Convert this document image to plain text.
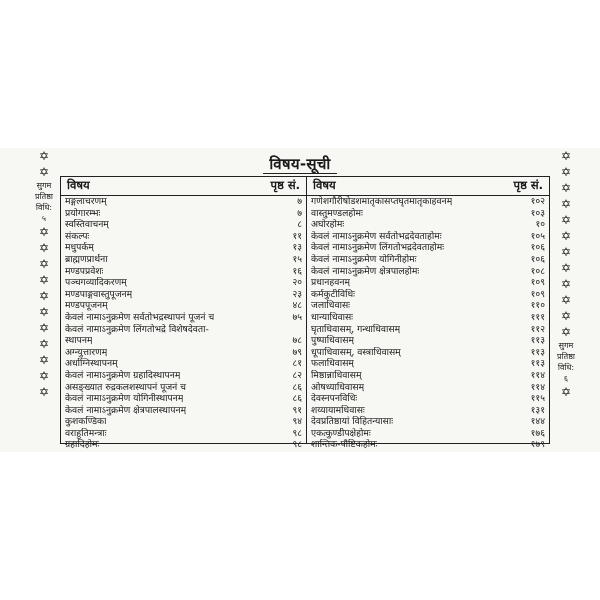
✡
✡
सुगम
प्रतिष्ठा
विधि:
५
✡
✡
✡
✡
✡
✡
✡
✡
✡
✡
✡
✡
✡
✡
✡
✡
✡
✡
✡
✡
✡
✡
✡
सुगम
प्रतिष्ठा
विधि:
६
✡
विषय-सूची
विषय	पृष्ठ सं.
मङ्गलाचरणम्	७
प्रयोगारम्भः	७
स्वस्तिवाचनम्	८
संकल्पः	११
मधुपर्कम्	१३
ब्राह्मणप्रार्थना	१५
मण्डपप्रवेशः	१६
पञ्चगव्यादिकरणम्	२०
मण्डपाङ्गवास्तुपूजनम्	२३
मण्डपपूजनम्	४८
केवलं नामाऽनुक्रमेण सर्वतोभद्रस्थापनं पूजनं च	७५
केवलं नामाऽनुक्रमेण लिंगतोभद्रे विशेषदेवता-
स्थापनम्	७८
अग्न्युत्तारणम्	७९
अर्धाग्निस्थापनम्	८१
केवलं नामाऽनुक्रमेण ग्रहादिस्थापनम्	८२
असङ्ख्यात रुद्रकलशस्थापनं पूजनं च	८६
केवलं नामाऽनुक्रमेण योगिनीस्थापनम्	८६
केवलं नामाऽनुक्रमेण क्षेत्रपालस्थापनम्	९१
कुशकण्डिका	९४
वराहुतिमन्त्राः	९८
ग्रहादिहोमः	९८
विषय	पृष्ठ सं.
गणेशगौरीषोडशमातृकासप्तघृतमातृकाहवनम्	१०२
वास्तुमण्डलहोमः	१०३
अघोरहोमः	१०
केवलं नामाऽनुक्रमेण सर्वतोभद्रदेवताहोमः	१०५
केवलं नामाऽनुक्रमेण लिंगतोभद्रदेवताहोमः	१०६
केवलं नामाऽनुक्रमेण योगिनीहोमः	१०६
केवलं नामाऽनुक्रमेण क्षेत्रपालहोमः	१०८
प्रधानहवनम्	१०९
कर्मकुटीविधिः	१०९
जलाधिवासः	११०
धान्याधिवासः	१११
घृताधिवासम्, गन्धाधिवासम्	११२
पुष्पाधिवासम्	११३
धूपाधिवासम्, वस्त्राधिवासम्	११३
फलाधिवासम्	११३
मिष्ठान्नाधिवासम्	११४
ओषध्याधिवासम्	११४
देवस्नपनविधिः	११५
शय्यायामधिवासः	१३१
देवप्रतिष्ठायां विहितन्यासाः	१४४
एकत्कुण्डीपक्षेहोमः	१७६
शान्तिक-पौष्टिकहोमः	१७९
